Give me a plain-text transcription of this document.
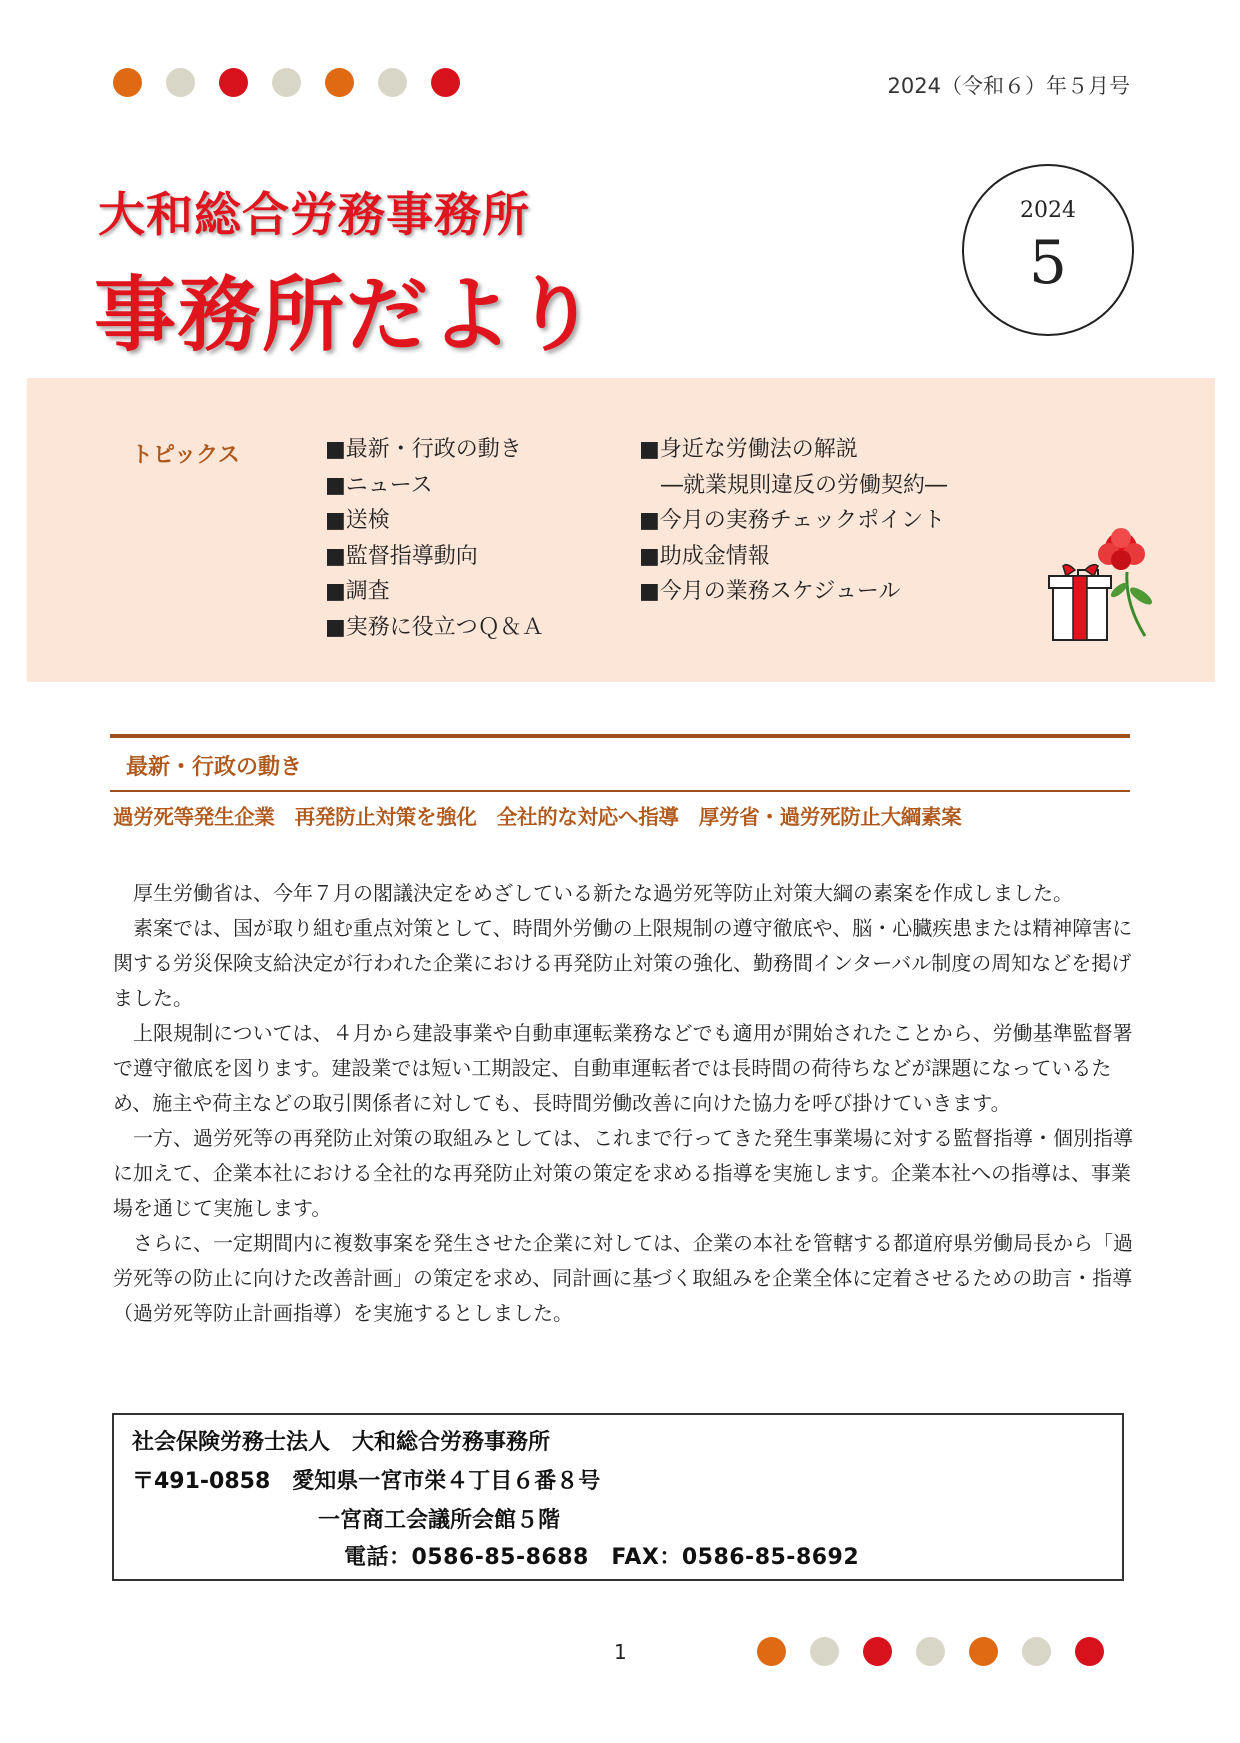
2024（令和６）年５月号
大和総合労務事務所
事務所だより
2024
5
トピックス	■最新・行政の動き
■ニュース
■送検
■監督指導動向
■調査
■実務に役立つＱ＆Ａ
■身近な労働法の解説
―就業規則違反の労働契約―
■今月の実務チェックポイント
■助成金情報
■今月の業務スケジュール
最新・行政の動き
過労死等発生企業　再発防止対策を強化　全社的な対応へ指導　厚労省・過労死防止大綱素案

厚生労働省は、今年７月の閣議決定をめざしている新たな過労死等防止対策大綱の素案を作成しました。

素案では、国が取り組む重点対策として、時間外労働の上限規制の遵守徹底や、脳・心臓疾患または精神障害に関する労災保険支給決定が行われた企業における再発防止対策の強化、勤務間インターバル制度の周知などを掲げました。

上限規制については、４月から建設事業や自動車運転業務などでも適用が開始されたことから、労働基準監督署で遵守徹底を図ります。建設業では短い工期設定、自動車運転者では長時間の荷待ちなどが課題になっているため、施主や荷主などの取引関係者に対しても、長時間労働改善に向けた協力を呼び掛けていきます。

一方、過労死等の再発防止対策の取組みとしては、これまで行ってきた発生事業場に対する監督指導・個別指導に加えて、企業本社における全社的な再発防止対策の策定を求める指導を実施します。企業本社への指導は、事業場を通じて実施します。

さらに、一定期間内に複数事案を発生させた企業に対しては、企業の本社を管轄する都道府県労働局長から「過労死等の防止に向けた改善計画」の策定を求め、同計画に基づく取組みを企業全体に定着させるための助言・指導（過労死等防止計画指導）を実施するとしました。

社会保険労務士法人　大和総合労務事務所
〒491-0858　愛知県一宮市栄４丁目６番８号
一宮商工会議所会館５階
電話：0586-85-8688　FAX：0586-85-8692
1
